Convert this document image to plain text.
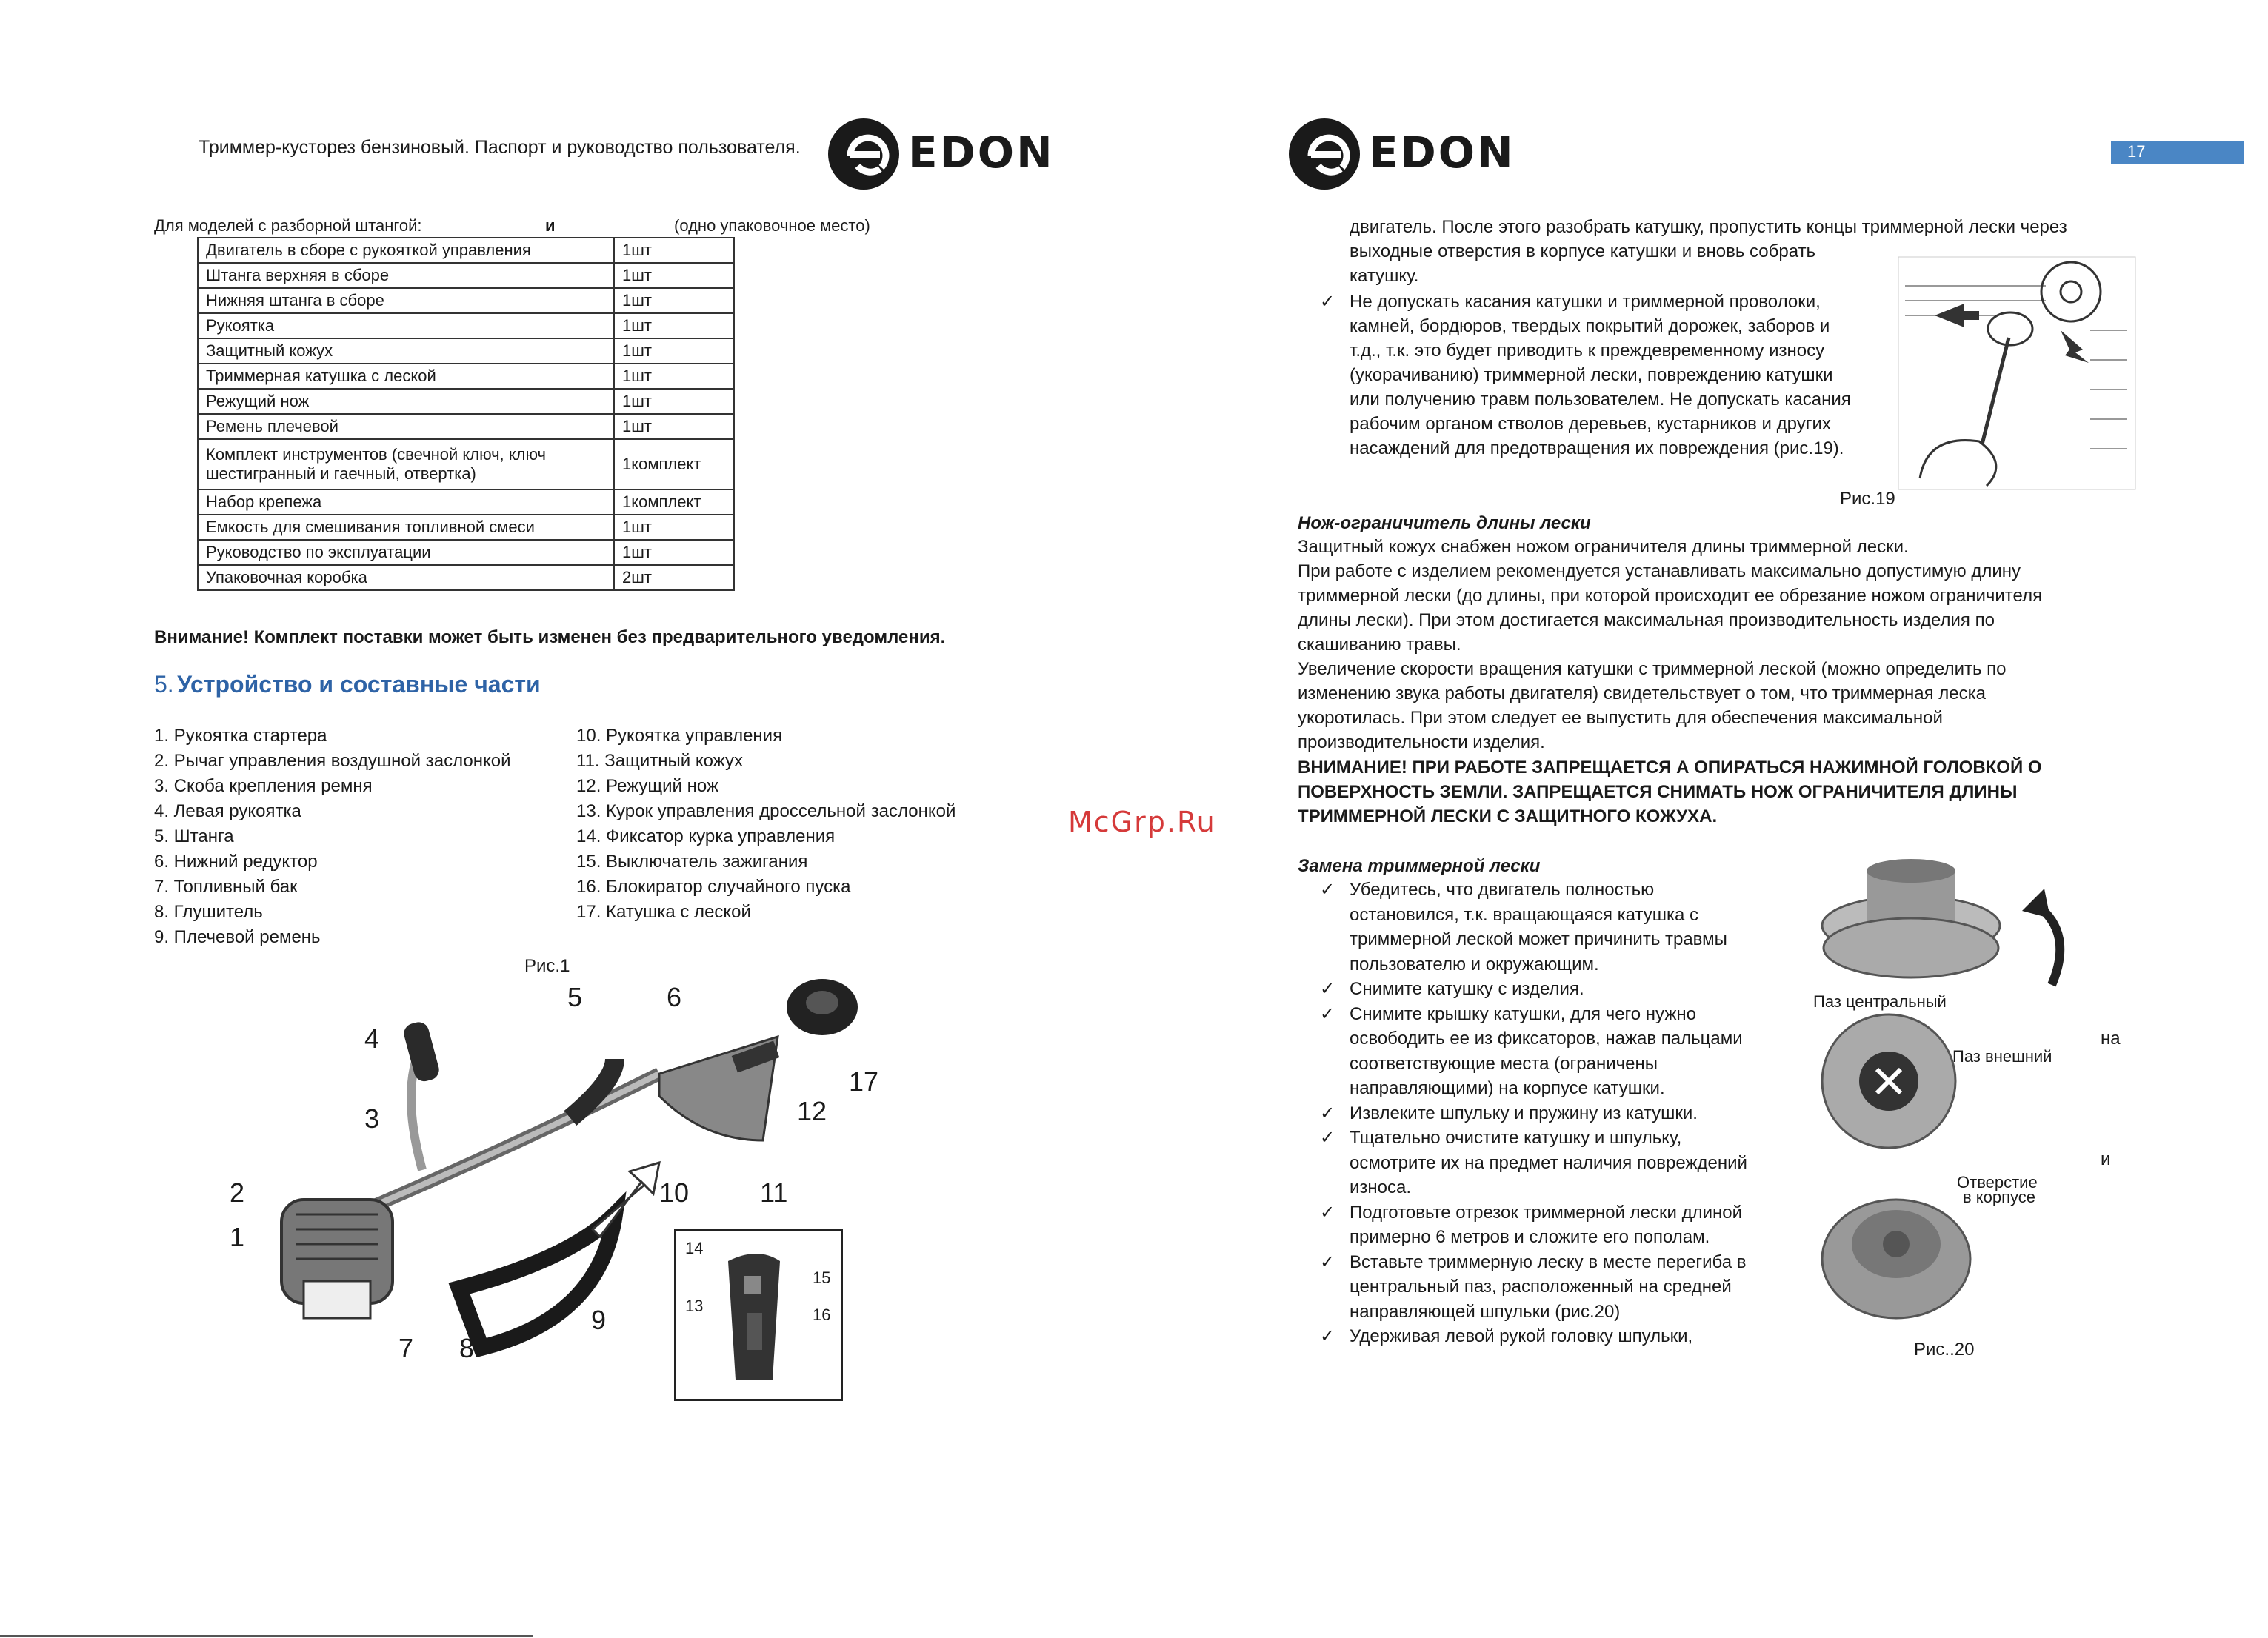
Триммер-кусторез бензиновый. Паспорт и руководство пользователя.	EDON
Для моделей с разборной штангой:	и	(одно упаковочное место)
Двигатель в сборе с рукояткой управления	1шт
Штанга верхняя в сборе	1шт
Нижняя штанга в сборе	1шт
Рукоятка	1шт
Защитный кожух	1шт
Триммерная катушка с леской	1шт
Режущий нож	1шт
Ремень плечевой	1шт

Комплект инструментов (свечной ключ, ключ
шестигранный и гаечный, отвертка)	1комплект
Набор крепежа	1комплект
Емкость для смешивания топливной смеси	1шт
Руководство по эксплуатации	1шт
Упаковочная коробка	2шт
Внимание! Комплект поставки может быть изменен без предварительного уведомления.
5. Устройство и составные части
1. Рукоятка стартера
2. Рычаг управления воздушной заслонкой
3. Скоба крепления ремня
4. Левая рукоятка
5. Штанга
6. Нижний редуктор
7. Топливный бак
8. Глушитель
9. Плечевой ремень
10. Рукоятка управления
11. Защитный кожух
12. Режущий нож
13. Курок управления дроссельной заслонкой
14. Фиксатор курка управления
15. Выключатель зажигания
16. Блокиратор случайного пуска
17. Катушка с леской
Рис.1
1
2
3
4
5	6
7 8
9
10	11
12
17
14
13
15
16
McGrp.Ru
EDON	17
двигатель. После этого разобрать катушку, пропустить концы триммерной лески через
выходные отверстия в корпусе катушки и вновь собрать
катушку.
✓ Не допускать касания катушки и триммерной проволоки,
камней, бордюров, твердых покрытий дорожек, заборов и
т.д., т.к. это будет приводить к преждевременному износу
(укорачиванию) триммерной лески, повреждению катушки
или получению травм пользователем. Не допускать касания
рабочим органом стволов деревьев, кустарников и других
насаждений для предотвращения их повреждения (рис.19).
Рис.19
Нож-ограничитель длины лески
Защитный кожух снабжен ножом ограничителя длины триммерной лески.
При работе с изделием рекомендуется устанавливать максимально допустимую длину
триммерной лески (до длины, при которой происходит ее обрезание ножом ограничителя
длины лески). При этом достигается максимальная производительность изделия по
скашиванию травы.
Увеличение скорости вращения катушки с триммерной леской (можно определить по
изменению звука работы двигателя) свидетельствует о том, что триммерная леска
укоротилась. При этом следует ее выпустить для обеспечения максимальной
производительности изделия.
ВНИМАНИЕ! ПРИ РАБОТЕ ЗАПРЕЩАЕТСЯ А ОПИРАТЬСЯ НАЖИМНОЙ ГОЛОВКОЙ О
ПОВЕРХНОСТЬ ЗЕМЛИ. ЗАПРЕЩАЕТСЯ СНИМАТЬ НОЖ ОГРАНИЧИТЕЛЯ ДЛИНЫ
ТРИММЕРНОЙ ЛЕСКИ С ЗАЩИТНОГО КОЖУХА.
Замена триммерной лески
✓ Убедитесь, что двигатель полностью
остановился, т.к. вращающаяся катушка с
триммерной леской может причинить травмы
пользователю и окружающим.
✓ Снимите катушку с изделия.
✓ Снимите крышку катушки, для чего нужно
освободить ее из фиксаторов, нажав пальцами
соответствующие места (ограничены
направляющими) на корпусе катушки.
✓ Извлеките шпульку и пружину из катушки.
✓ Тщательно очистите катушку и шпульку,
осмотрите их на предмет наличия повреждений
износа.
✓ Подготовьте отрезок триммерной лески длиной
примерно 6 метров и сложите его пополам.
✓ Вставьте триммерную леску в месте перегиба в
центральный паз, расположенный на средней
направляющей шпульки (рис.20)
✓ Удерживая левой рукой головку шпульки,
на
и
Паз центральный
Паз внешний
Отверстие
в корпусе
Рис..20
